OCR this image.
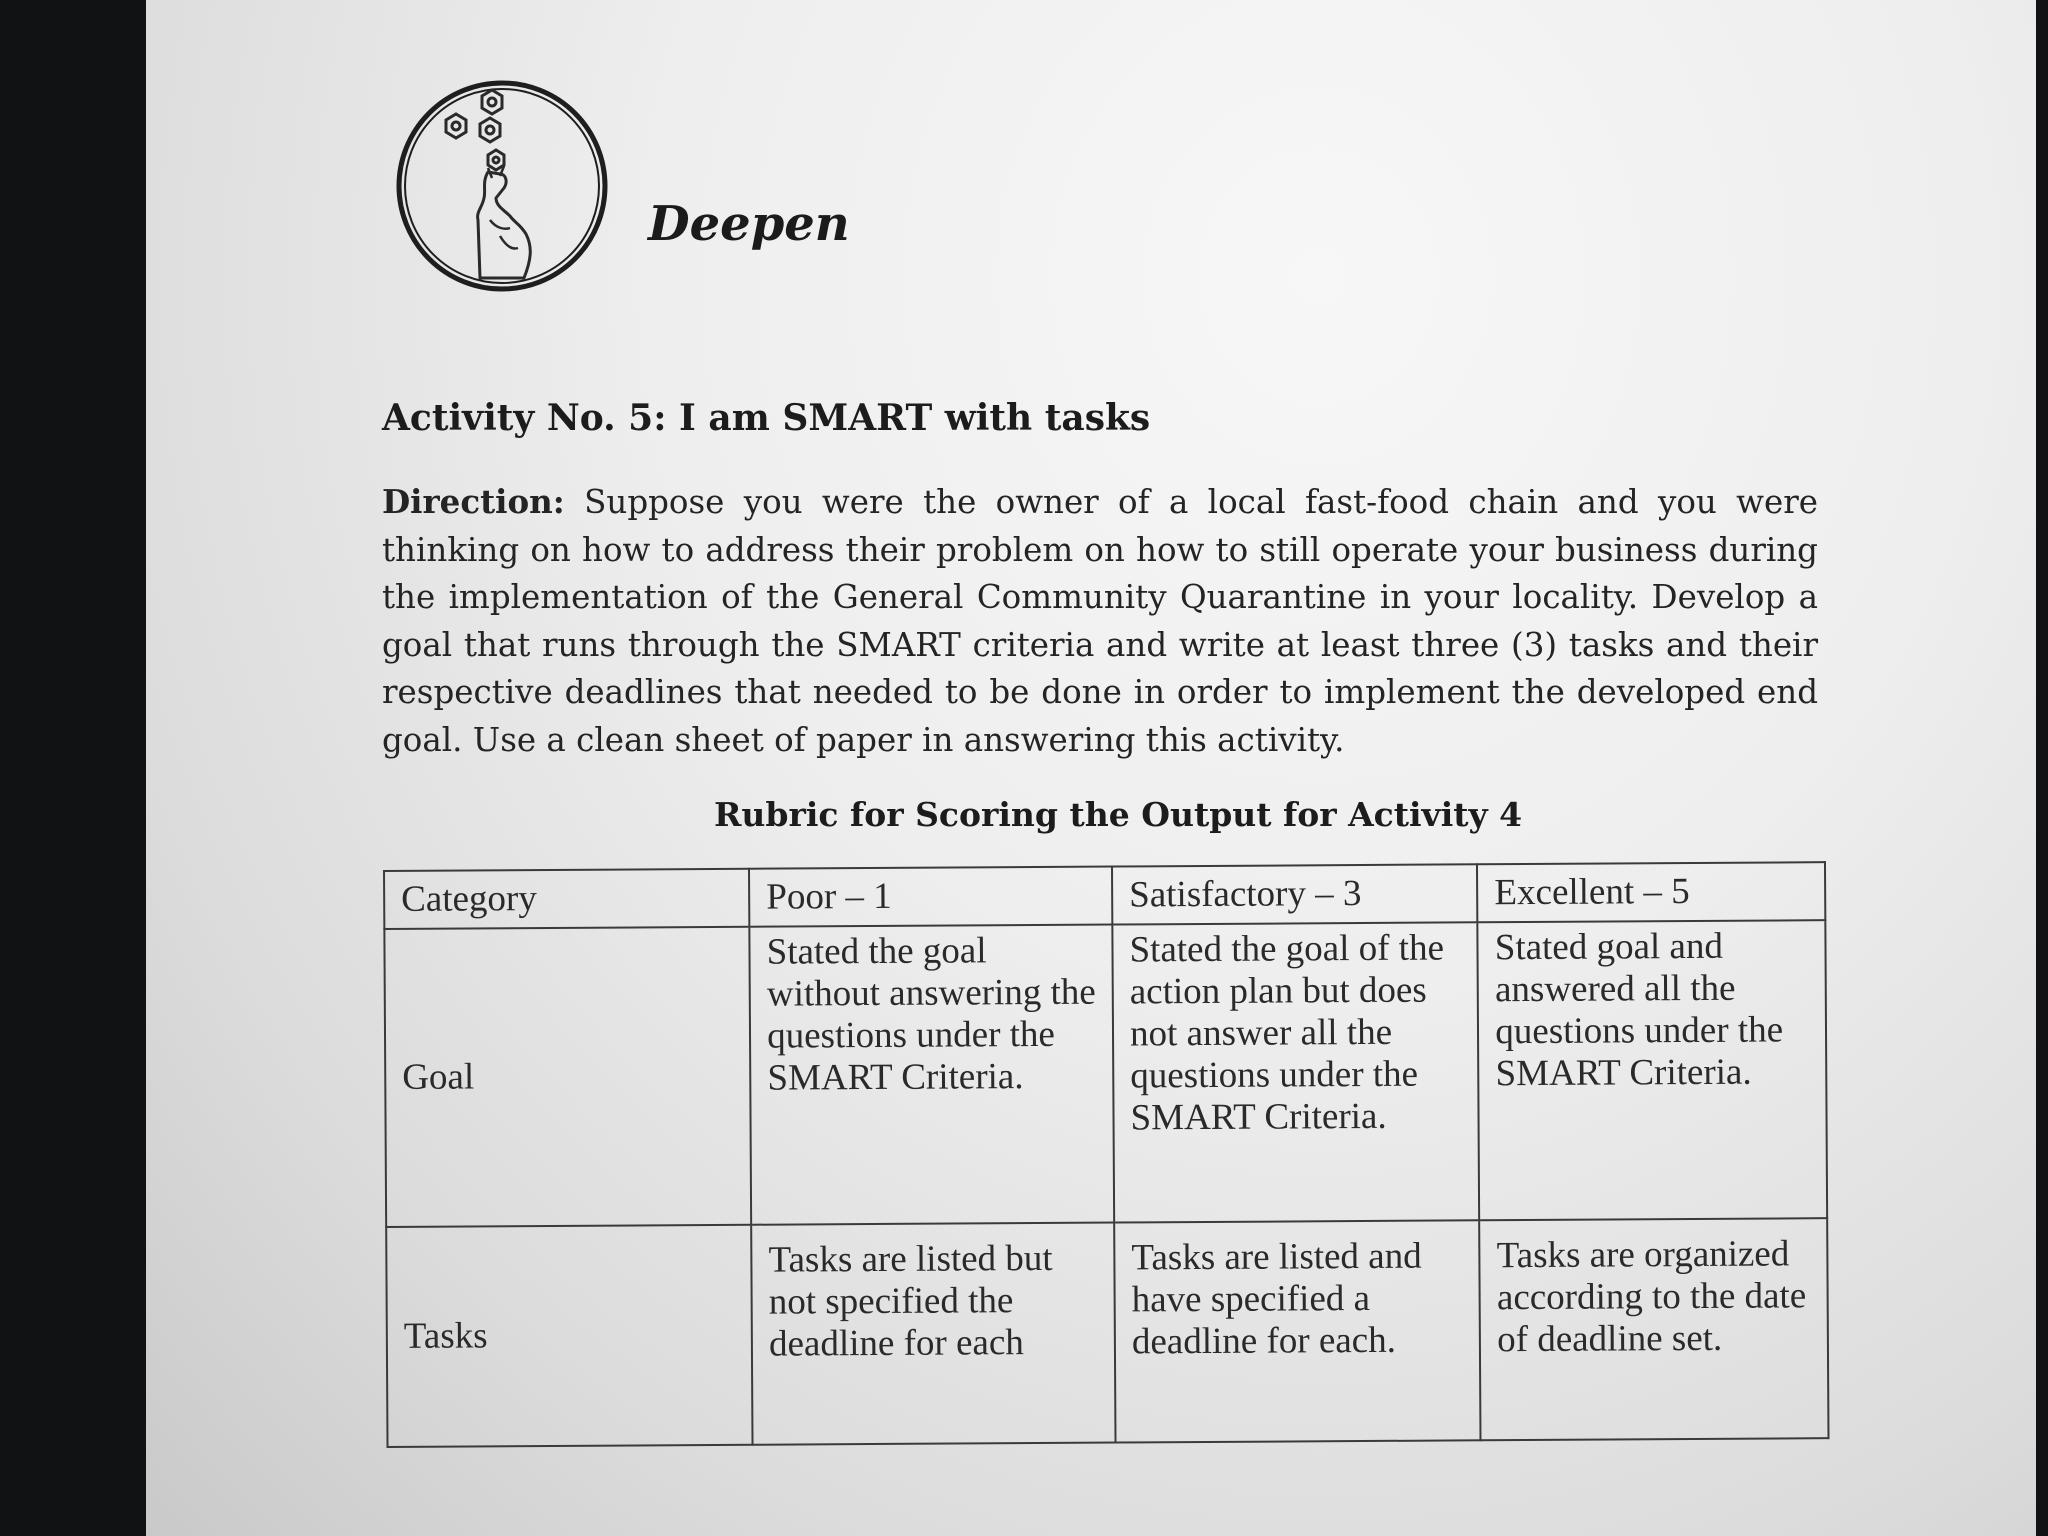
Deepen
Activity No. 5: I am SMART with tasks

Direction: Suppose you were the owner of a local fast-food chain and you were thinking on how to address their problem on how to still operate your business during the implementation of the General Community Quarantine in your locality. Develop a goal that runs through the SMART criteria and write at least three (3) tasks and their respective deadlines that needed to be done in order to implement the developed end goal. Use a clean sheet of paper in answering this activity.

Rubric for Scoring the Output for Activity 4
Category	Poor – 1	Satisfactory – 3	Excellent – 5
Goal	Stated the goal without answering the questions under the SMART Criteria.	Stated the goal of the action plan but does not answer all the questions under the SMART Criteria.	Stated goal and answered all the questions under the SMART Criteria.
Tasks	Tasks are listed but not specified the deadline for each	Tasks are listed and have specified a deadline for each.	Tasks are organized according to the date of deadline set.
